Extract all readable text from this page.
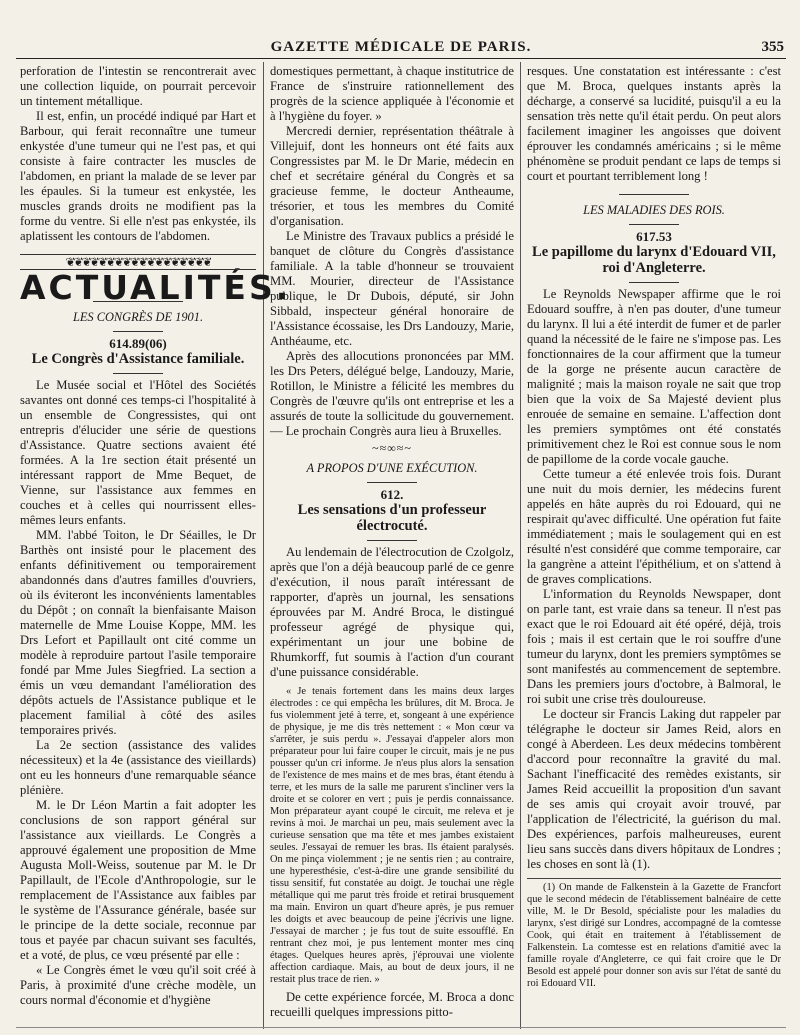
GAZETTE MÉDICALE DE PARIS.	355

perforation de l'intestin se rencontrerait avec une collection liquide, on pourrait percevoir un tintement métallique.

Il est, enfin, un procédé indiqué par Hart et Barbour, qui ferait reconnaître une tumeur enkystée d'une tumeur qui ne l'est pas, et qui consiste à faire contracter les muscles de l'abdomen, en priant la malade de se lever par les épaules. Si la tumeur est enkystée, les muscles grands droits ne modifient pas la forme du ventre. Si elle n'est pas enkystée, ils aplatissent les contours de l'abdomen.

❦❦❦❦❦❦❦❦❦❦❦❦❦❦❦❦❦❦
ACTUALITÉS.
LES CONGRÈS DE 1901.
614.89(06)
Le Congrès d'Assistance familiale.

Le Musée social et l'Hôtel des Sociétés savantes ont donné ces temps-ci l'hospitalité à un ensemble de Congressistes, qui ont entrepris d'élucider une série de questions d'Assistance. Quatre sections avaient été formées. A la 1re section était présenté un intéressant rapport de Mme Bequet, de Vienne, sur l'assistance aux femmes en couches et à celles qui nourrissent elles-mêmes leurs enfants.

MM. l'abbé Toiton, le Dr Séailles, le Dr Barthès ont insisté pour le placement des enfants définitivement ou temporairement abandonnés dans d'autres familles d'ouvriers, où ils éviteront les inconvénients lamentables du Dépôt ; on connaît la bienfaisante Maison maternelle de Mme Louise Koppe, MM. les Drs Lefort et Papillault ont cité comme un modèle à reproduire partout l'asile temporaire fondé par Mme Jules Siegfried. La section a émis un vœu demandant l'amélioration des dépôts actuels de l'Assistance publique et le placement familial à côté des asiles temporaires privés.

La 2e section (assistance des valides nécessiteux) et la 4e (assistance des vieillards) ont eu les honneurs d'une remarquable séance plénière.

M. le Dr Léon Martin a fait adopter les conclusions de son rapport général sur l'assistance aux vieillards. Le Congrès a approuvé également une proposition de Mme Augusta Moll-Weiss, soutenue par M. le Dr Papillault, de l'Ecole d'Anthropologie, sur le remplacement de l'Assistance aux faibles par le système de l'Assurance générale, basée sur le principe de la dette sociale, reconnue par tous et payée par chacun suivant ses facultés, et a voté, de plus, ce vœu présenté par elle :

« Le Congrès émet le vœu qu'il soit créé à Paris, à proximité d'une crèche modèle, un cours normal d'économie et d'hygiène

domestiques permettant, à chaque institutrice de France de s'instruire rationnellement des progrès de la science appliquée à l'économie et à l'hygiène du foyer. »

Mercredi dernier, représentation théâtrale à Villejuif, dont les honneurs ont été faits aux Congressistes par M. le Dr Marie, médecin en chef et secrétaire général du Congrès et sa gracieuse femme, le docteur Antheaume, trésorier, et tous les membres du Comité d'organisation.

Le Ministre des Travaux publics a présidé le banquet de clôture du Congrès d'assistance familiale. A la table d'honneur se trouvaient MM. Mourier, directeur de l'Assistance publique, le Dr Dubois, député, sir John Sibbald, inspecteur général honoraire de l'Assistance écossaise, les Drs Landouzy, Marie, Anthéaume, etc.

Après des allocutions prononcées par MM. les Drs Peters, délégué belge, Landouzy, Marie, Rotillon, le Ministre a félicité les membres du Congrès de l'œuvre qu'ils ont entreprise et les a assurés de toute la sollicitude du gouvernement.— Le prochain Congrès aura lieu à Bruxelles.

~≈∞≈~
A PROPOS D'UNE EXÉCUTION.
612.
Les sensations d'un professeur électrocuté.

Au lendemain de l'électrocution de Czolgolz, après que l'on a déjà beaucoup parlé de ce genre d'exécution, il nous paraît intéressant de rapporter, d'après un journal, les sensations éprouvées par M. André Broca, le distingué professeur agrégé de physique qui, expérimentant un jour une bobine de Rhumkorff, fut soumis à l'action d'un courant d'une puissance considérable.

« Je tenais fortement dans les mains deux larges électrodes : ce qui empêcha les brûlures, dit M. Broca. Je fus violemment jeté à terre, et, songeant à une expérience de physique, je me dis très nettement : « Mon cœur va s'arrêter, je suis perdu ». J'essayai d'appeler alors mon préparateur pour lui faire couper le circuit, mais je ne pus pousser qu'un cri informe. Je n'eus plus alors la sensation de l'existence de mes mains et de mes bras, étant étendu à terre, et les murs de la salle me parurent s'incliner vers la droite et se colorer en vert ; puis je perdis connaissance. Mon préparateur ayant coupé le circuit, me releva et je revins à moi. Je marchai un peu, mais seulement avec la curieuse sensation que ma tête et mes jambes existaient seules. J'essayai de remuer les bras. Ils étaient paralysés. On me pinça violemment ; je ne sentis rien ; au contraire, une hyperesthésie, c'est-à-dire une grande sensibilité du tissu sensitif, fut constatée au doigt. Je touchai une règle métallique qui me parut très froide et retirai brusquement ma main. Environ un quart d'heure après, je pus remuer les doigts et avec beaucoup de peine j'écrivis une ligne. J'essayai de marcher ; je fus tout de suite essoufflé. En rentrant chez moi, je pus lentement monter mes cinq étages. Quelques heures après, j'éprouvai une violente affection cardiaque. Mais, au bout de deux jours, il ne restait plus trace de rien. »

De cette expérience forcée, M. Broca a donc recueilli quelques impressions pitto-

resques. Une constatation est intéressante : c'est que M. Broca, quelques instants après la décharge, a conservé sa lucidité, puisqu'il a eu la sensation très nette qu'il était perdu. On peut alors facilement imaginer les angoisses que doivent éprouver les condamnés américains ; si le même phénomène se produit pendant ce laps de temps si court et pourtant terriblement long !

LES MALADIES DES ROIS.
617.53
Le papillome du larynx d'Edouard VII, roi d'Angleterre.

Le Reynolds Newspaper affirme que le roi Edouard souffre, à n'en pas douter, d'une tumeur du larynx. Il lui a été interdit de fumer et de parler quand la nécessité de le faire ne s'impose pas. Les fonctionnaires de la cour affirment que la tumeur de la gorge ne présente aucun caractère de malignité ; mais la maison royale ne sait que trop bien que la voix de Sa Majesté devient plus enrouée de semaine en semaine. L'affection dont les premiers symptômes ont été constatés primitivement chez le Roi est connue sous le nom de papillome de la corde vocale gauche.

Cette tumeur a été enlevée trois fois. Durant une nuit du mois dernier, les médecins furent appelés en hâte auprès du roi Edouard, qui ne respirait qu'avec difficulté. Une opération fut faite immédiatement ; mais le soulagement qui en est résulté n'est considéré que comme temporaire, car la gangrène a atteint l'épithélium, et on s'attend à de graves complications.

L'information du Reynolds Newspaper, dont on parle tant, est vraie dans sa teneur. Il n'est pas exact que le roi Edouard ait été opéré, déjà, trois fois ; mais il est certain que le roi souffre d'une tumeur du larynx, dont les premiers symptômes se sont manifestés au commencement de septembre. Dans les premiers jours d'octobre, à Balmoral, le roi subit une crise très douloureuse.

Le docteur sir Francis Laking dut rappeler par télégraphe le docteur sir James Reid, alors en congé à Aberdeen. Les deux médecins tombèrent d'accord pour reconnaître la gravité du mal. Sachant l'inefficacité des remèdes existants, sir James Reid accueillit la proposition d'un savant de ses amis qui croyait avoir trouvé, par l'application de l'électricité, la guérison du mal. Des expériences, parfois malheureuses, eurent lieu sans succès dans divers hôpitaux de Londres ; les choses en sont là (1).

(1) On mande de Falkenstein à la Gazette de Francfort que le second médecin de l'établissement balnéaire de cette ville, M. le Dr Besold, spécialiste pour les maladies du larynx, s'est dirigé sur Londres, accompagné de la comtesse Cook, qui était en traitement à l'établissement de Falkenstein. La comtesse est en relations d'amitié avec la famille royale d'Angleterre, ce qui fait croire que le Dr Besold est appelé pour donner son avis sur l'état de santé du roi Edouard VII.
